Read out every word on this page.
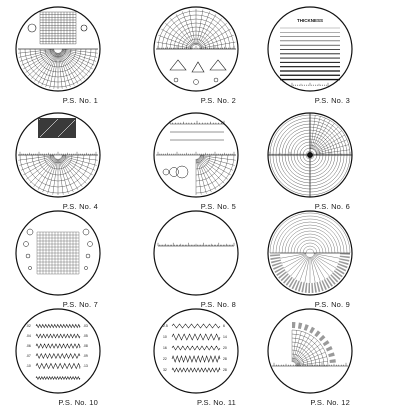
P.S. No. 1	P.S. No. 2
THICKNESS
P.S. No. 3
P.S. No. 4	P.S. No. 5	P.S. No. 6
P.S. No. 7	P.S. No. 8	P.S. No. 9
.02	.03
.04	.05
.06	.08
.07	.09
.10	.13
P.S. No. 10
2.5	6
10	14
16	20
22	28
32	28
P.S. No. 11	P.S. No. 12
